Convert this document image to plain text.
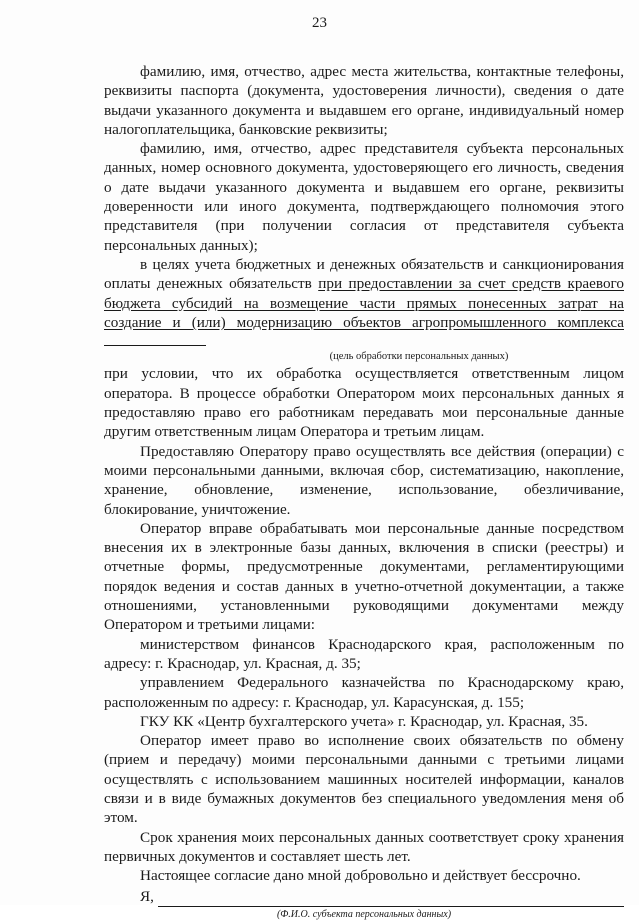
23

фамилию, имя, отчество, адрес места жительства, контактные телефоны, реквизиты паспорта (документа, удостоверения личности), сведения о дате выдачи указанного документа и выдавшем его органе, индивидуальный номер налогоплательщика, банковские реквизиты;

фамилию, имя, отчество, адрес представителя субъекта персональных данных, номер основного документа, удостоверяющего его личность, сведения о дате выдачи указанного документа и выдавшем его органе, реквизиты доверенности или иного документа, подтверждающего полномочия этого представителя (при получении согласия от представителя субъекта персональных данных);

в целях учета бюджетных и денежных обязательств и санкционирования оплаты денежных обязательств при предоставлении за счет средств краевого бюджета субсидий на возмещение части прямых понесенных затрат на создание и (или) модернизацию объектов агропромышленного комплекса
(цель обработки персональных данных)

при условии, что их обработка осуществляется ответственным лицом оператора. В процессе обработки Оператором моих персональных данных я предоставляю право его работникам передавать мои персональные данные другим ответственным лицам Оператора и третьим лицам.

Предоставляю Оператору право осуществлять все действия (операции) с моими персональными данными, включая сбор, систематизацию, накопление, хранение, обновление, изменение, использование, обезличивание, блокирование, уничтожение.

Оператор вправе обрабатывать мои персональные данные посредством внесения их в электронные базы данных, включения в списки (реестры) и отчетные формы, предусмотренные документами, регламентирующими порядок ведения и состав данных в учетно-отчетной документации, а также отношениями, установленными руководящими документами между Оператором и третьими лицами:

министерством финансов Краснодарского края, расположенным по адресу: г. Краснодар, ул. Красная, д. 35;

управлением Федерального казначейства по Краснодарскому краю, расположенным по адресу: г. Краснодар, ул. Карасунская, д. 155;

ГКУ КК «Центр бухгалтерского учета» г. Краснодар, ул. Красная, 35.

Оператор имеет право во исполнение своих обязательств по обмену (прием и передачу) моими персональными данными с третьими лицами осуществлять с использованием машинных носителей информации, каналов связи и в виде бумажных документов без специального уведомления меня об этом.

Срок хранения моих персональных данных соответствует сроку хранения первичных документов и составляет шесть лет.

Настоящее согласие дано мной добровольно и действует бессрочно.

Я,
(Ф.И.О. субъекта персональных данных)
